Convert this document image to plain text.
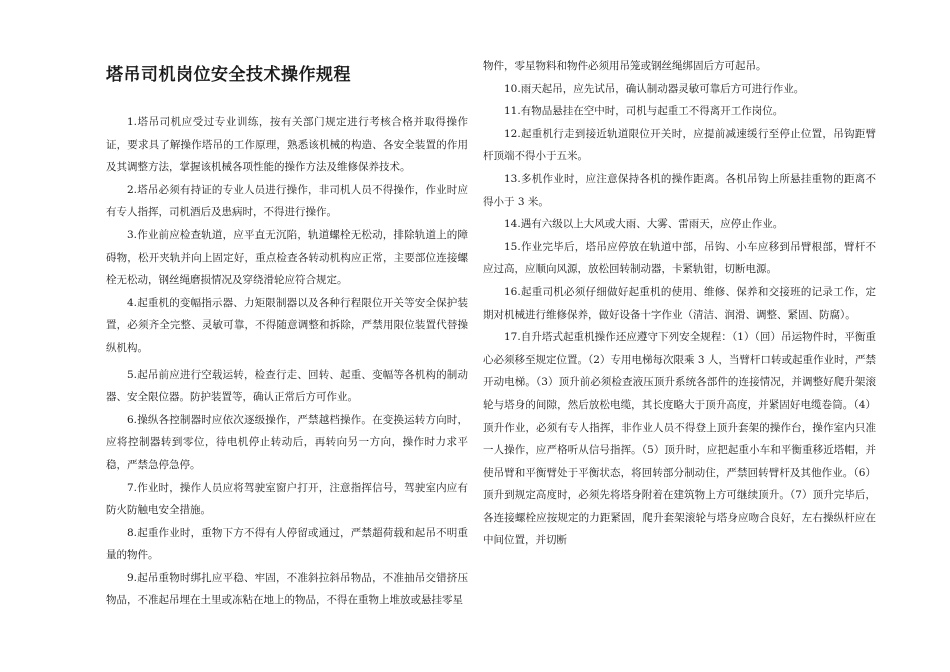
塔吊司机岗位安全技术操作规程

1.塔吊司机应受过专业训练，按有关部门规定进行考核合格并取得操作证，要求具了解操作塔吊的工作原理，熟悉该机械的构造、各安全装置的作用及其调整方法，掌握该机械各项性能的操作方法及维修保养技术。

2.塔吊必须有持证的专业人员进行操作，非司机人员不得操作，作业时应有专人指挥，司机酒后及患病时，不得进行操作。

3.作业前应检查轨道，应平直无沉陷，轨道螺栓无松动，排除轨道上的障碍物，松开夹轨并向上固定好，重点检查各转动机构应正常，主要部位连接螺栓无松动，钢丝绳磨损情况及穿绕滑轮应符合规定。

4.起重机的变幅指示器、力矩限制器以及各种行程限位开关等安全保护装置，必须齐全完整、灵敏可靠，不得随意调整和拆除，严禁用限位装置代替操纵机构。

5.起吊前应进行空载运转，检查行走、回转、起重、变幅等各机构的制动器、安全限位器。防护装置等，确认正常后方可作业。

6.操纵各控制器时应依次逐级操作，严禁越档操作。在变换运转方向时，应将控制器转到零位，待电机停止转动后，再转向另一方向，操作时力求平稳，严禁急停急停。

7.作业时，操作人员应将驾驶室窗户打开，注意指挥信号，驾驶室内应有防火防触电安全措施。

8.起重作业时，重物下方不得有人停留或通过，严禁超荷载和起吊不明重量的物件。

9.起吊重物时绑扎应平稳、牢固，不准斜拉斜吊物品，不准抽吊交错挤压物品，不准起吊埋在土里或冻粘在地上的物品，不得在重物上堆放或悬挂零星

物件，零星物料和物件必须用吊笼或钢丝绳绑固后方可起吊。

10.雨天起吊，应先试吊，确认制动器灵敏可靠后方可进行作业。

11.有物品悬挂在空中时，司机与起重工不得离开工作岗位。

12.起重机行走到接近轨道限位开关时，应提前减速缓行至停止位置，吊钩距臂杆顶端不得小于五米。

13.多机作业时，应注意保持各机的操作距离。各机吊钩上所悬挂重物的距离不得小于 3 米。

14.遇有六级以上大风或大雨、大雾、雷雨天，应停止作业。

15.作业完毕后，塔吊应停放在轨道中部，吊钩、小车应移到吊臂根部，臂杆不应过高，应顺向风源，放松回转制动器，卡紧轨钳，切断电源。

16.起重司机必须仔细做好起重机的使用、维修、保养和交接班的记录工作，定期对机械进行维修保养，做好设备十字作业（清洁、润滑、调整、紧固、防腐）。

17.自升塔式起重机操作还应遵守下列安全规程：（1）（回）吊运物件时，平衡重心必须移至规定位置。（2）专用电梯每次限乘 3 人，当臂杆口转或起重作业时，严禁开动电梯。（3）顶升前必须检查液压顶升系统各部件的连接情况，并调整好爬升架滚轮与塔身的间隙，然后放松电缆，其长度略大于顶升高度，并紧固好电缆卷筒。（4）顶升作业，必须有专人指挥，非作业人员不得登上顶升套架的操作台，操作室内只准一人操作，应严格听从信号指挥。（5）顶升时，应把起重小车和平衡重移近塔帽，并使吊臂和平衡臂处于平衡状态，将回转部分制动住，严禁回转臂杆及其他作业。（6）顶升到规定高度时，必须先将塔身附着在建筑物上方可继续顶升。（7）顶升完毕后，各连接螺栓应按规定的力距紧固，爬升套架滚轮与塔身应吻合良好，左右操纵杆应在中间位置，并切断
